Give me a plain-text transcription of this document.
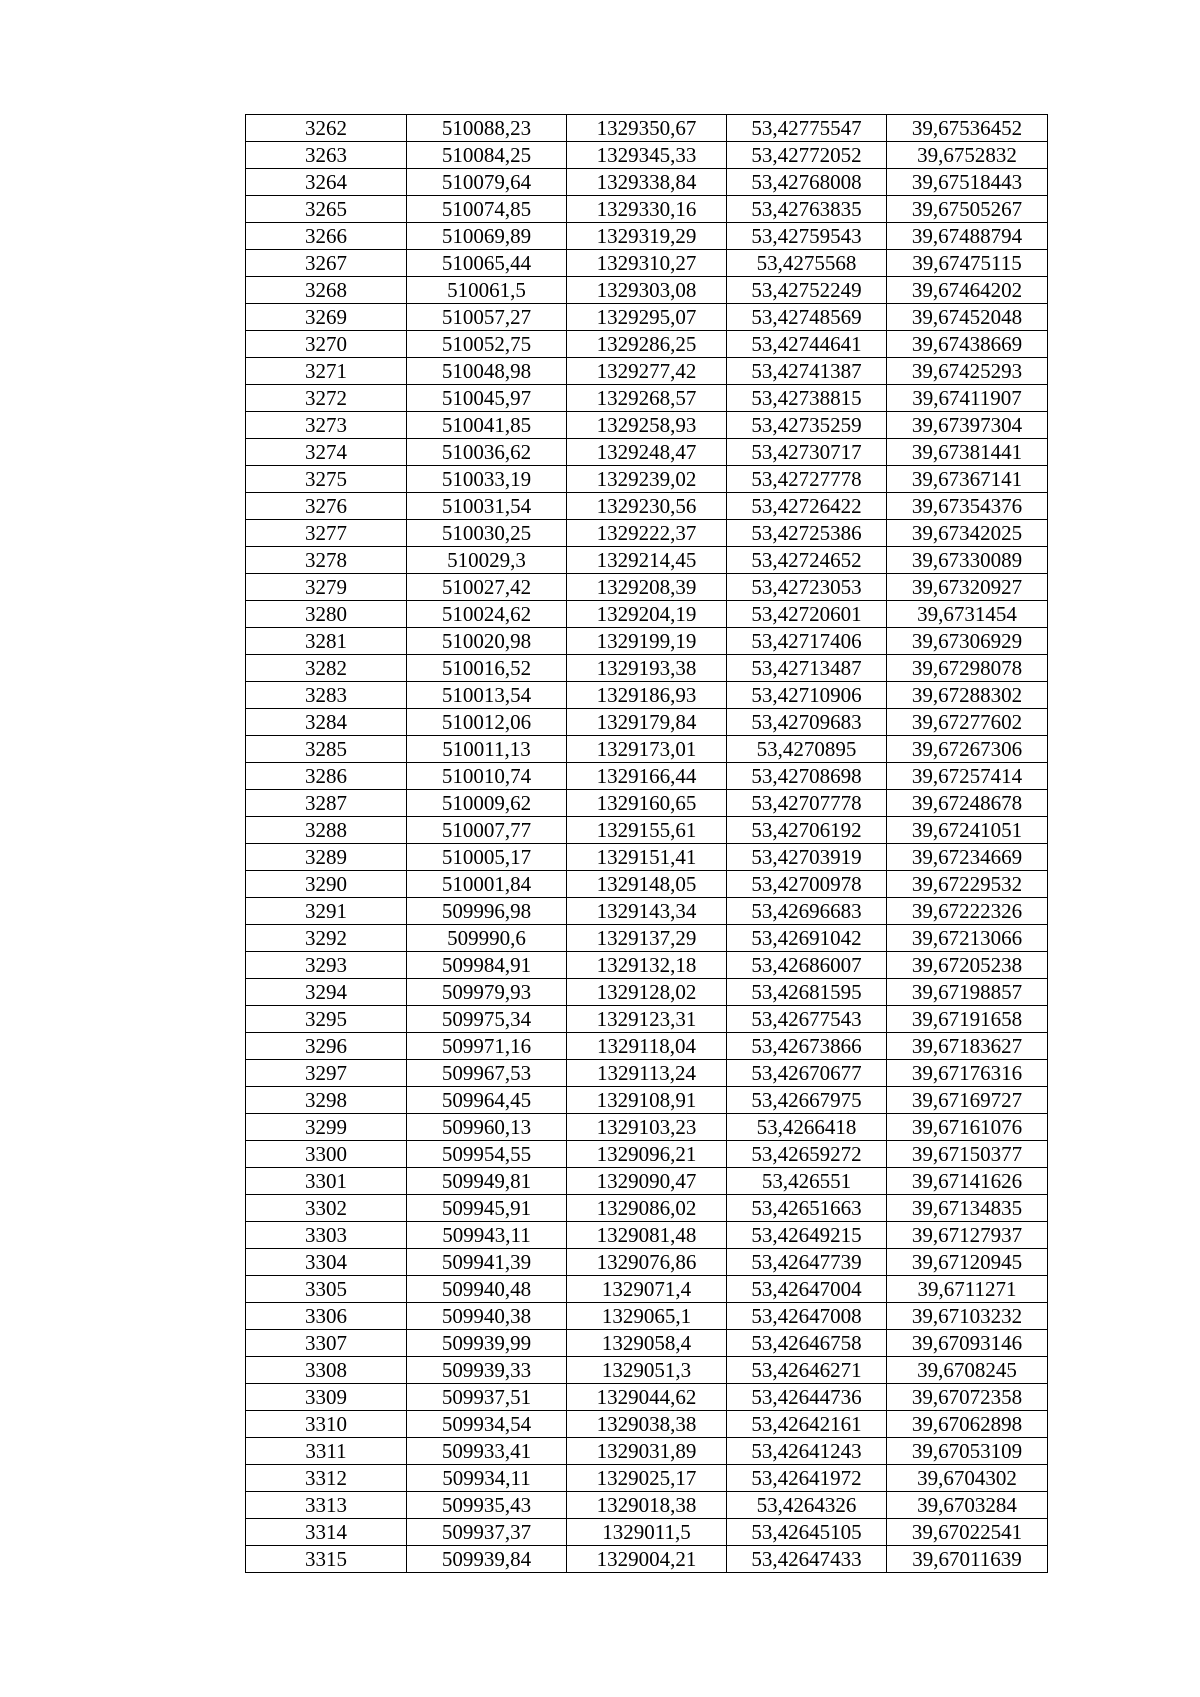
3262	510088,23	1329350,67	53,42775547	39,67536452
3263	510084,25	1329345,33	53,42772052	39,6752832
3264	510079,64	1329338,84	53,42768008	39,67518443
3265	510074,85	1329330,16	53,42763835	39,67505267
3266	510069,89	1329319,29	53,42759543	39,67488794
3267	510065,44	1329310,27	53,4275568	39,67475115
3268	510061,5	1329303,08	53,42752249	39,67464202
3269	510057,27	1329295,07	53,42748569	39,67452048
3270	510052,75	1329286,25	53,42744641	39,67438669
3271	510048,98	1329277,42	53,42741387	39,67425293
3272	510045,97	1329268,57	53,42738815	39,67411907
3273	510041,85	1329258,93	53,42735259	39,67397304
3274	510036,62	1329248,47	53,42730717	39,67381441
3275	510033,19	1329239,02	53,42727778	39,67367141
3276	510031,54	1329230,56	53,42726422	39,67354376
3277	510030,25	1329222,37	53,42725386	39,67342025
3278	510029,3	1329214,45	53,42724652	39,67330089
3279	510027,42	1329208,39	53,42723053	39,67320927
3280	510024,62	1329204,19	53,42720601	39,6731454
3281	510020,98	1329199,19	53,42717406	39,67306929
3282	510016,52	1329193,38	53,42713487	39,67298078
3283	510013,54	1329186,93	53,42710906	39,67288302
3284	510012,06	1329179,84	53,42709683	39,67277602
3285	510011,13	1329173,01	53,4270895	39,67267306
3286	510010,74	1329166,44	53,42708698	39,67257414
3287	510009,62	1329160,65	53,42707778	39,67248678
3288	510007,77	1329155,61	53,42706192	39,67241051
3289	510005,17	1329151,41	53,42703919	39,67234669
3290	510001,84	1329148,05	53,42700978	39,67229532
3291	509996,98	1329143,34	53,42696683	39,67222326
3292	509990,6	1329137,29	53,42691042	39,67213066
3293	509984,91	1329132,18	53,42686007	39,67205238
3294	509979,93	1329128,02	53,42681595	39,67198857
3295	509975,34	1329123,31	53,42677543	39,67191658
3296	509971,16	1329118,04	53,42673866	39,67183627
3297	509967,53	1329113,24	53,42670677	39,67176316
3298	509964,45	1329108,91	53,42667975	39,67169727
3299	509960,13	1329103,23	53,4266418	39,67161076
3300	509954,55	1329096,21	53,42659272	39,67150377
3301	509949,81	1329090,47	53,426551	39,67141626
3302	509945,91	1329086,02	53,42651663	39,67134835
3303	509943,11	1329081,48	53,42649215	39,67127937
3304	509941,39	1329076,86	53,42647739	39,67120945
3305	509940,48	1329071,4	53,42647004	39,6711271
3306	509940,38	1329065,1	53,42647008	39,67103232
3307	509939,99	1329058,4	53,42646758	39,67093146
3308	509939,33	1329051,3	53,42646271	39,6708245
3309	509937,51	1329044,62	53,42644736	39,67072358
3310	509934,54	1329038,38	53,42642161	39,67062898
3311	509933,41	1329031,89	53,42641243	39,67053109
3312	509934,11	1329025,17	53,42641972	39,6704302
3313	509935,43	1329018,38	53,4264326	39,6703284
3314	509937,37	1329011,5	53,42645105	39,67022541
3315	509939,84	1329004,21	53,42647433	39,67011639
